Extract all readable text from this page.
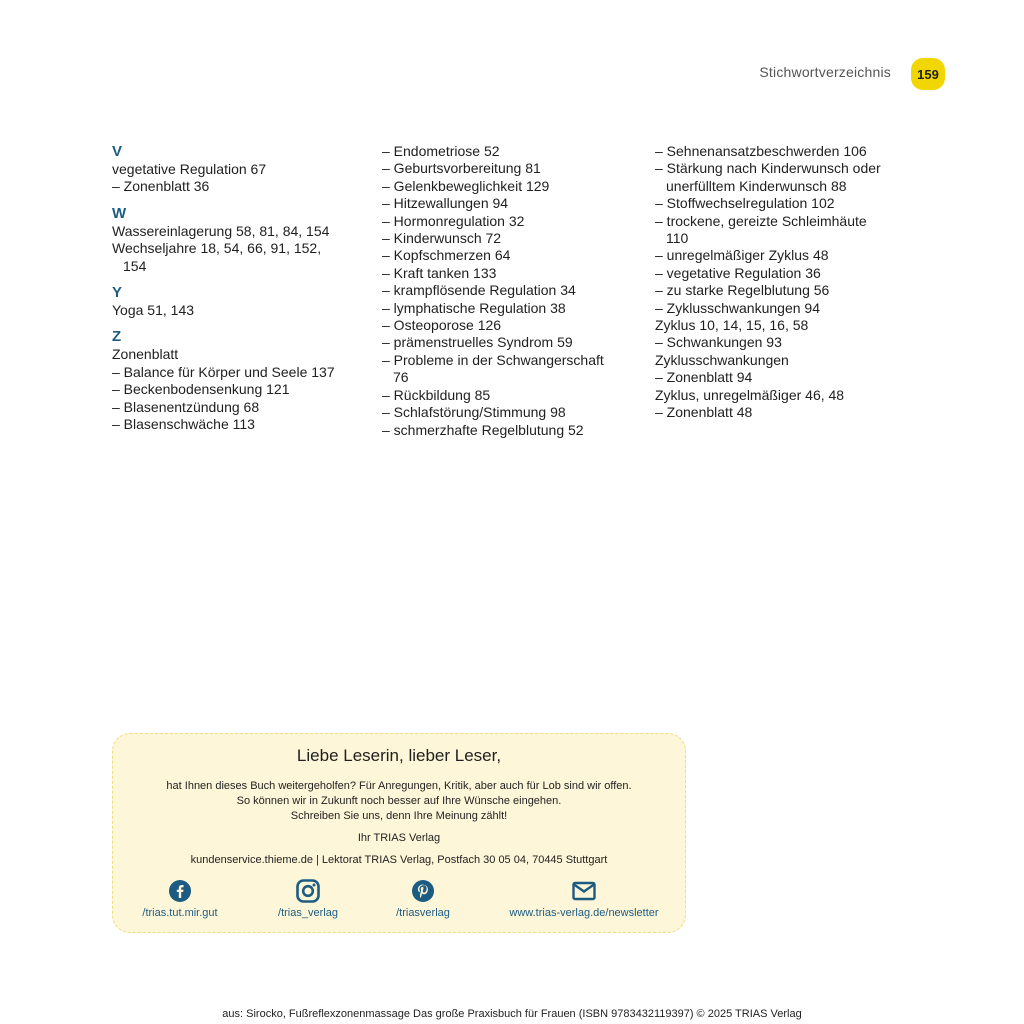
Stichwortverzeichnis	159
V
vegetative Regulation 67
– Zonenblatt 36
W
Wassereinlagerung 58, 81, 84, 154
Wechseljahre 18, 54, 66, 91, 152,
154
Y
Yoga 51, 143
Z
Zonenblatt
– Balance für Körper und Seele 137
– Beckenbodensenkung 121
– Blasenentzündung 68
– Blasenschwäche 113
– Endometriose 52
– Geburtsvorbereitung 81
– Gelenkbeweglichkeit 129
– Hitzewallungen 94
– Hormonregulation 32
– Kinderwunsch 72
– Kopfschmerzen 64
– Kraft tanken 133
– krampflösende Regulation 34
– lymphatische Regulation 38
– Osteoporose 126
– prämenstruelles Syndrom 59
– Probleme in der Schwangerschaft
76
– Rückbildung 85
– Schlafstörung/Stimmung 98
– schmerzhafte Regelblutung 52
– Sehnenansatzbeschwerden 106
– Stärkung nach Kinderwunsch oder
unerfülltem Kinderwunsch 88
– Stoffwechselregulation 102
– trockene, gereizte Schleimhäute
110
– unregelmäßiger Zyklus 48
– vegetative Regulation 36
– zu starke Regelblutung 56
– Zyklusschwankungen 94
Zyklus 10, 14, 15, 16, 58
– Schwankungen 93
Zyklusschwankungen
– Zonenblatt 94
Zyklus, unregelmäßiger 46, 48
– Zonenblatt 48
Liebe Leserin, lieber Leser,
hat Ihnen dieses Buch weitergeholfen? Für Anregungen, Kritik, aber auch für Lob sind wir offen.
So können wir in Zukunft noch besser auf Ihre Wünsche eingehen.
Schreiben Sie uns, denn Ihre Meinung zählt!
Ihr TRIAS Verlag
kundenservice.thieme.de | Lektorat TRIAS Verlag, Postfach 30 05 04, 70445 Stuttgart
/trias.tut.mir.gut	/trias_verlag	/triasverlag	www.trias-verlag.de/newsletter
aus: Sirocko, Fußreflexzonenmassage Das große Praxisbuch für Frauen (ISBN 9783432119397) © 2025 TRIAS Verlag
